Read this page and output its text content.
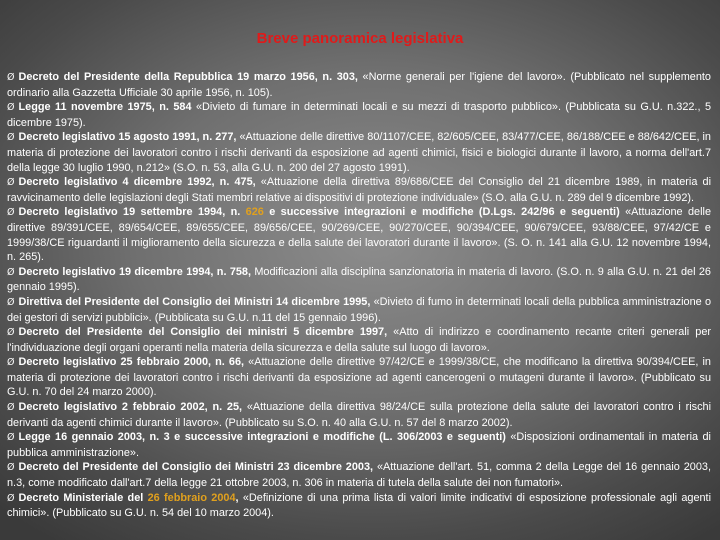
Breve panoramica legislativa

Ø Decreto del Presidente della Repubblica 19 marzo 1956, n. 303, «Norme generali per l'igiene del lavoro». (Pubblicato nel supplemento ordinario alla Gazzetta Ufficiale 30 aprile 1956, n. 105).

Ø Legge 11 novembre 1975, n. 584 «Divieto di fumare in determinati locali e su mezzi di trasporto pubblico». (Pubblicata su G.U. n.322., 5 dicembre 1975).

Ø Decreto legislativo 15 agosto 1991, n. 277, «Attuazione delle direttive 80/1107/CEE, 82/605/CEE, 83/477/CEE, 86/188/CEE e 88/642/CEE, in materia di protezione dei lavoratori contro i rischi derivanti da esposizione ad agenti chimici, fisici e biologici durante il lavoro, a norma dell'art.7 della legge 30 luglio 1990, n.212» (S.O. n. 53, alla G.U. n. 200 del 27 agosto 1991).

Ø Decreto legislativo 4 dicembre 1992, n. 475, «Attuazione della direttiva 89/686/CEE del Consiglio del 21 dicembre 1989, in materia di ravvicinamento delle legislazioni degli Stati membri relative ai dispositivi di protezione individuale» (S.O. alla G.U. n. 289 del 9 dicembre 1992).

Ø Decreto legislativo 19 settembre 1994, n. 626 e successive integrazioni e modifiche (D.Lgs. 242/96 e seguenti) «Attuazione delle direttive 89/391/CEE, 89/654/CEE, 89/655/CEE, 89/656/CEE, 90/269/CEE, 90/270/CEE, 90/394/CEE, 90/679/CEE, 93/88/CEE, 97/42/CE e 1999/38/CE riguardanti il miglioramento della sicurezza e della salute dei lavoratori durante il lavoro». (S. O. n. 141 alla G.U. 12 novembre 1994, n. 265).

Ø Decreto legislativo 19 dicembre 1994, n. 758, Modificazioni alla disciplina sanzionatoria in materia di lavoro. (S.O. n. 9 alla G.U. n. 21 del 26 gennaio 1995).

Ø Direttiva del Presidente del Consiglio dei Ministri 14 dicembre 1995, «Divieto di fumo in determinati locali della pubblica amministrazione o dei gestori di servizi pubblici». (Pubblicata su G.U. n.11 del 15 gennaio 1996).

Ø Decreto del Presidente del Consiglio dei ministri 5 dicembre 1997, «Atto di indirizzo e coordinamento recante criteri generali per l'individuazione degli organi operanti nella materia della sicurezza e della salute sul luogo di lavoro».

Ø Decreto legislativo 25 febbraio 2000, n. 66, «Attuazione delle direttive 97/42/CE e 1999/38/CE, che modificano la direttiva 90/394/CEE, in materia di protezione dei lavoratori contro i rischi derivanti da esposizione ad agenti cancerogeni o mutageni durante il lavoro». (Pubblicato su G.U. n. 70 del 24 marzo 2000).

Ø Decreto legislativo 2 febbraio 2002, n. 25, «Attuazione della direttiva 98/24/CE sulla protezione della salute dei lavoratori contro i rischi derivanti da agenti chimici durante il lavoro». (Pubblicato su S.O. n. 40 alla G.U. n. 57 del 8 marzo 2002).

Ø Legge 16 gennaio 2003, n. 3 e successive integrazioni e modifiche (L. 306/2003 e seguenti) «Disposizioni ordinamentali in materia di pubblica amministrazione».

Ø Decreto del Presidente del Consiglio dei Ministri 23 dicembre 2003, «Attuazione dell'art. 51, comma 2 della Legge del 16 gennaio 2003, n.3, come modificato dall'art.7 della legge 21 ottobre 2003, n. 306 in materia di tutela della salute dei non fumatori».

Ø Decreto Ministeriale del 26 febbraio 2004, «Definizione di una prima lista di valori limite indicativi di esposizione professionale agli agenti chimici». (Pubblicato su G.U. n. 54 del 10 marzo 2004).
